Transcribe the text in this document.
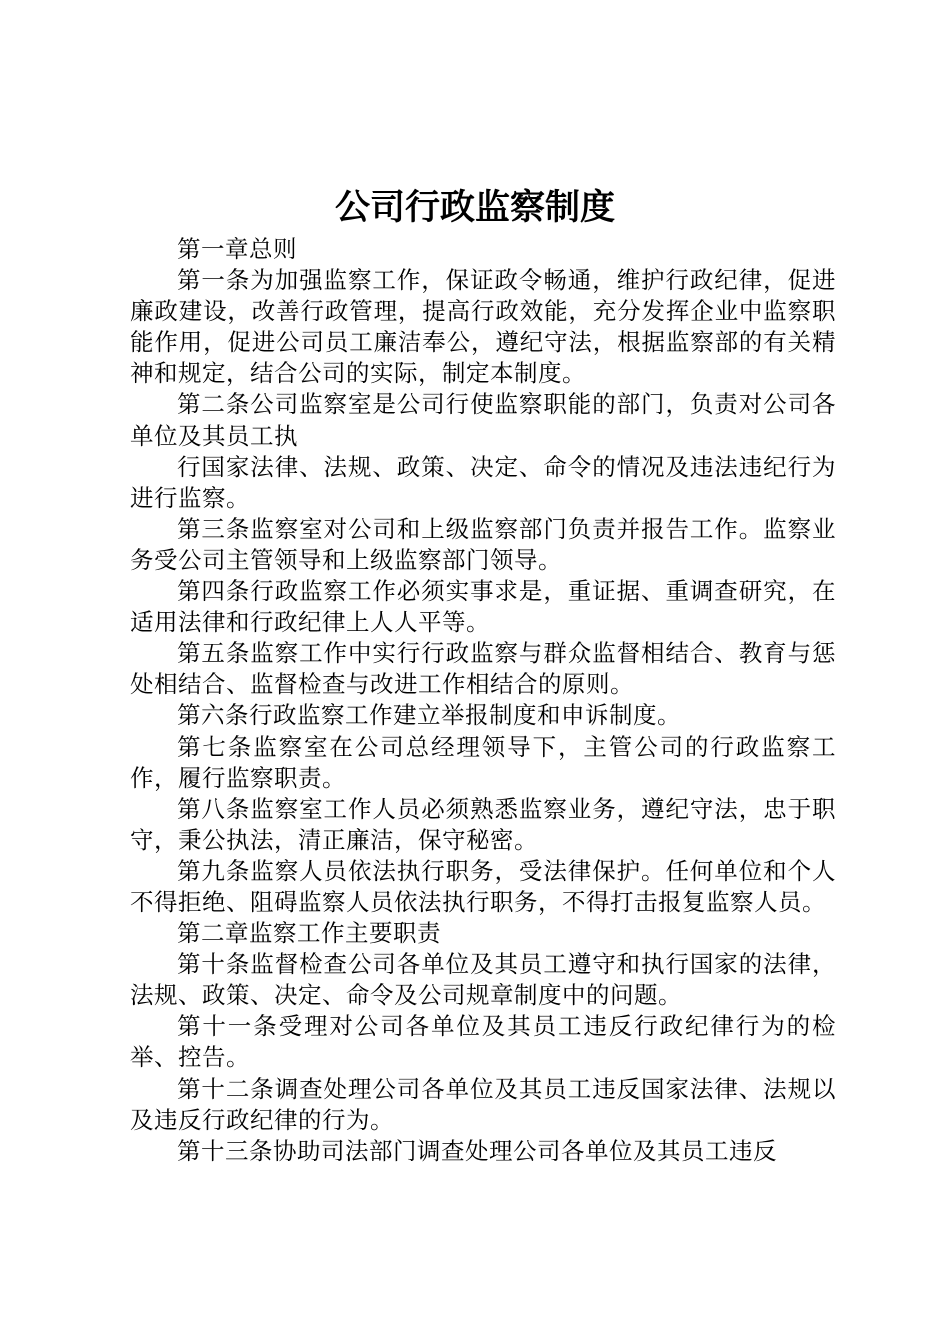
公司行政监察制度

第一章总则

第一条为加强监察工作，保证政令畅通，维护行政纪律，促进廉政建设，改善行政管理，提高行政效能，充分发挥企业中监察职能作用，促进公司员工廉洁奉公，遵纪守法，根据监察部的有关精神和规定，结合公司的实际，制定本制度。

第二条公司监察室是公司行使监察职能的部门，负责对公司各单位及其员工执

行国家法律、法规、政策、决定、命令的情况及违法违纪行为进行监察。

第三条监察室对公司和上级监察部门负责并报告工作。监察业务受公司主管领导和上级监察部门领导。

第四条行政监察工作必须实事求是，重证据、重调查研究，在适用法律和行政纪律上人人平等。

第五条监察工作中实行行政监察与群众监督相结合、教育与惩处相结合、监督检查与改进工作相结合的原则。

第六条行政监察工作建立举报制度和申诉制度。

第七条监察室在公司总经理领导下，主管公司的行政监察工作，履行监察职责。

第八条监察室工作人员必须熟悉监察业务，遵纪守法，忠于职守，秉公执法，清正廉洁，保守秘密。

第九条监察人员依法执行职务，受法律保护。任何单位和个人不得拒绝、阻碍监察人员依法执行职务，不得打击报复监察人员。

第二章监察工作主要职责

第十条监督检查公司各单位及其员工遵守和执行国家的法律，法规、政策、决定、命令及公司规章制度中的问题。

第十一条受理对公司各单位及其员工违反行政纪律行为的检举、控告。

第十二条调查处理公司各单位及其员工违反国家法律、法规以及违反行政纪律的行为。

第十三条协助司法部门调查处理公司各单位及其员工违反
